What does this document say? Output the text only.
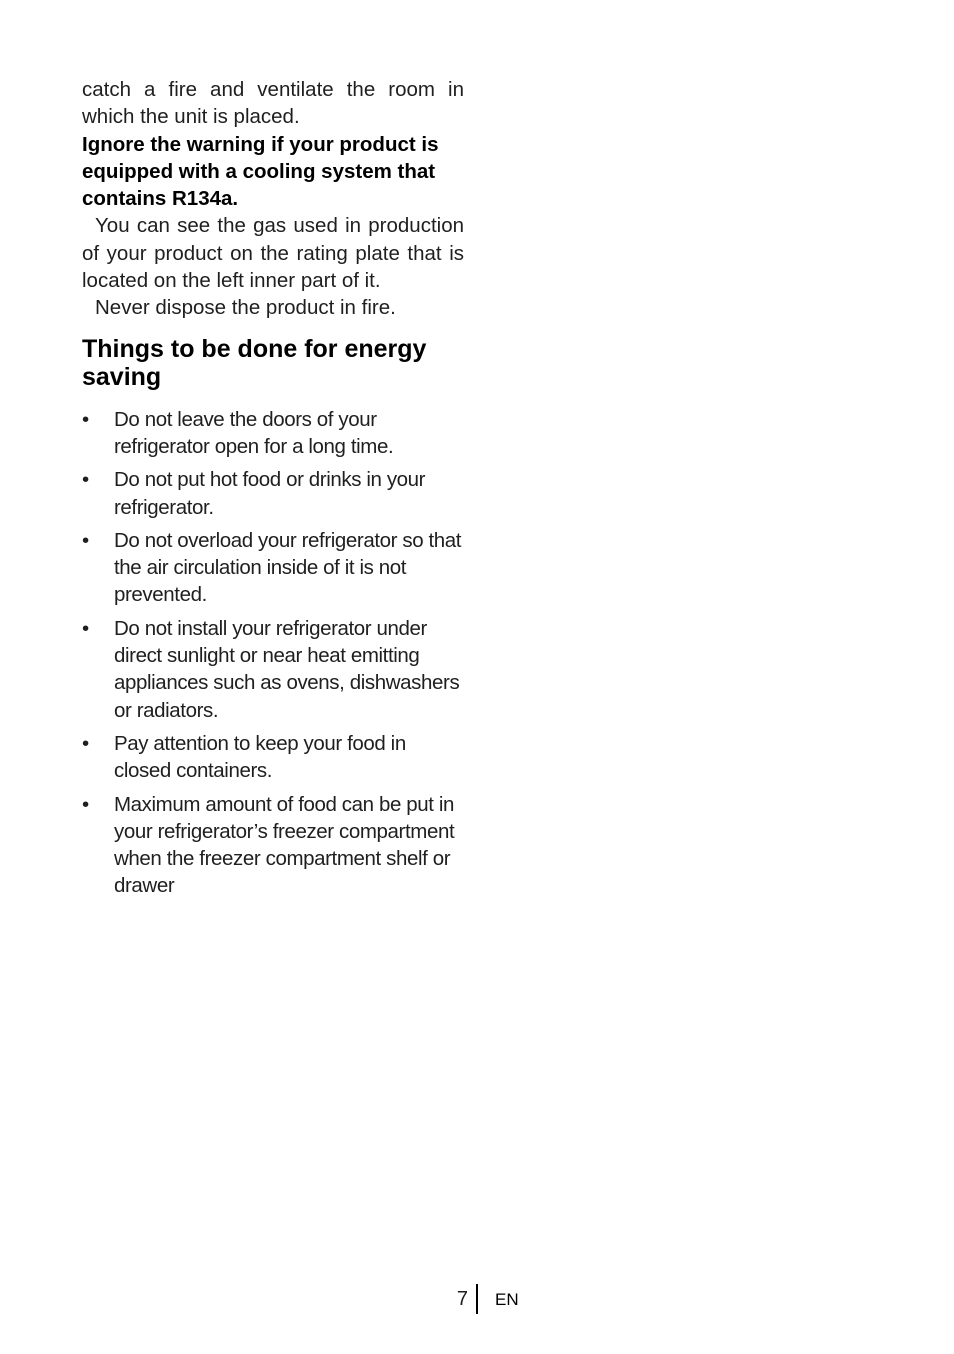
catch a fire and ventilate the room in which the unit is placed.

Ignore the warning if your product is equipped with a cooling system that contains R134a.

You can see the gas used in production of your product on the rating plate that is located on the left inner part of it.

Never dispose the product in fire.

Things to be done for energy saving
•	Do not leave the doors of your refrigerator open for a long time.
•	Do not put hot food or drinks in your refrigerator.
•	Do not overload your refrigerator so that the air circulation inside of it is not prevented.
•	Do not install your refrigerator under direct sunlight or near heat emitting appliances such as ovens, dishwashers or radiators.
•	Pay attention to keep your food in closed containers.
•	Maximum amount of food can be put in your refrigerator’s freezer compartment when the freezer compartment shelf or drawer
7 EN
